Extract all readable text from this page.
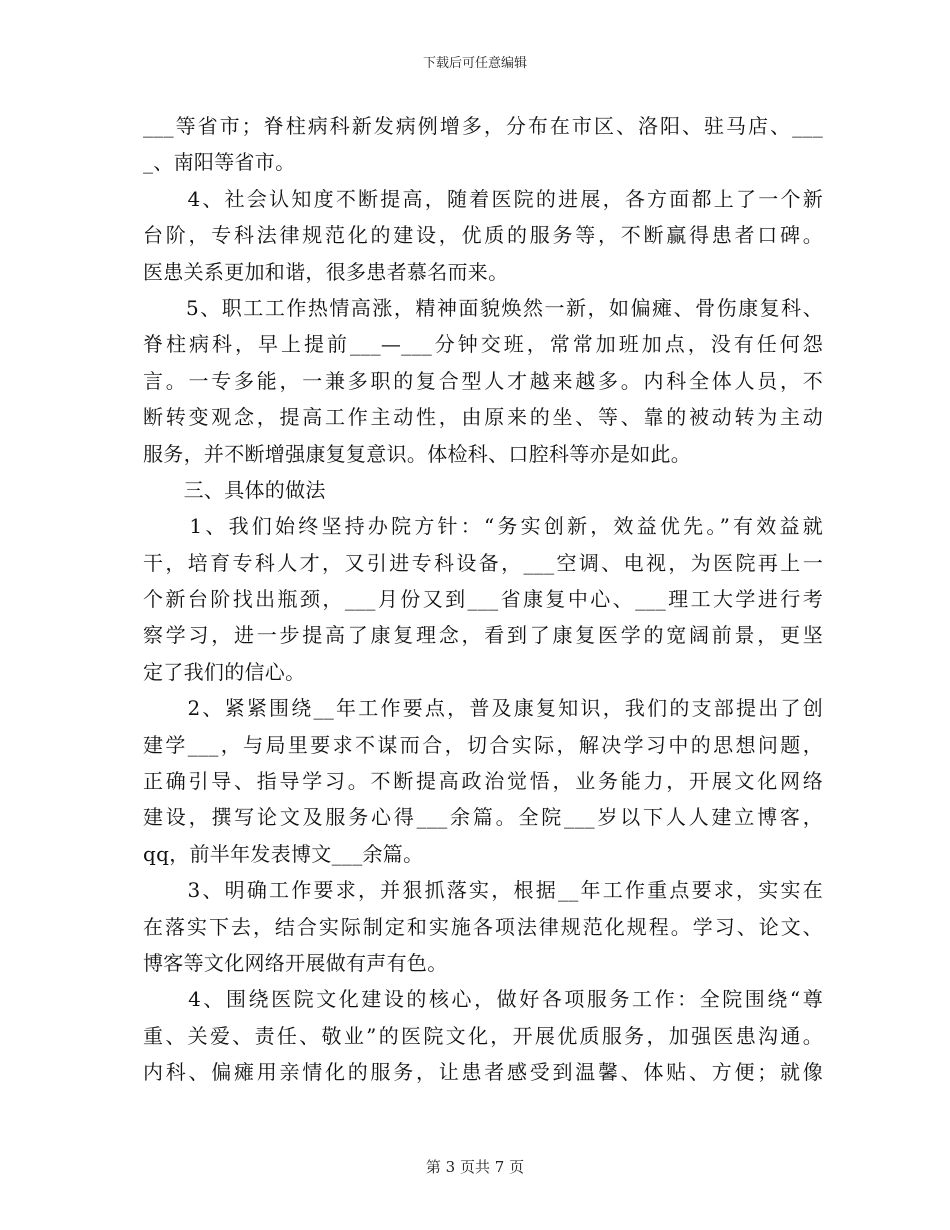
下载后可任意编辑
___等省市；脊柱病科新发病例增多，分布在市区、洛阳、驻马店、___
_、南阳等省市。
　　4、社会认知度不断提高，随着医院的进展，各方面都上了一个新
台阶，专科法律规范化的建设，优质的服务等，不断赢得患者口碑。
医患关系更加和谐，很多患者慕名而来。
　　5、职工工作热情高涨，精神面貌焕然一新，如偏瘫、骨伤康复科、
脊柱病科，早上提前___—___分钟交班，常常加班加点，没有任何怨
言。一专多能，一兼多职的复合型人才越来越多。内科全体人员，不
断转变观念，提高工作主动性，由原来的坐、等、靠的被动转为主动
服务，并不断增强康复复意识。体检科、口腔科等亦是如此。
　　三、具体的做法
　　1、我们始终坚持办院方针：“务实创新，效益优先。”有效益就
干，培育专科人才，又引进专科设备，___空调、电视，为医院再上一
个新台阶找出瓶颈，___月份又到___省康复中心、___理工大学进行考
察学习，进一步提高了康复理念，看到了康复医学的宽阔前景，更坚
定了我们的信心。
　　2、紧紧围绕__年工作要点，普及康复知识，我们的支部提出了创
建学___，与局里要求不谋而合，切合实际，解决学习中的思想问题，
正确引导、指导学习。不断提高政治觉悟，业务能力，开展文化网络
建设，撰写论文及服务心得___余篇。全院___岁以下人人建立博客，
qq，前半年发表博文___余篇。
　　3、明确工作要求，并狠抓落实，根据__年工作重点要求，实实在
在落实下去，结合实际制定和实施各项法律规范化规程。学习、论文、
博客等文化网络开展做有声有色。
　　4、围绕医院文化建设的核心，做好各项服务工作：全院围绕“尊
重、关爱、责任、敬业”的医院文化，开展优质服务，加强医患沟通。
内科、偏瘫用亲情化的服务，让患者感受到温馨、体贴、方便；就像
第 3 页共 7 页
